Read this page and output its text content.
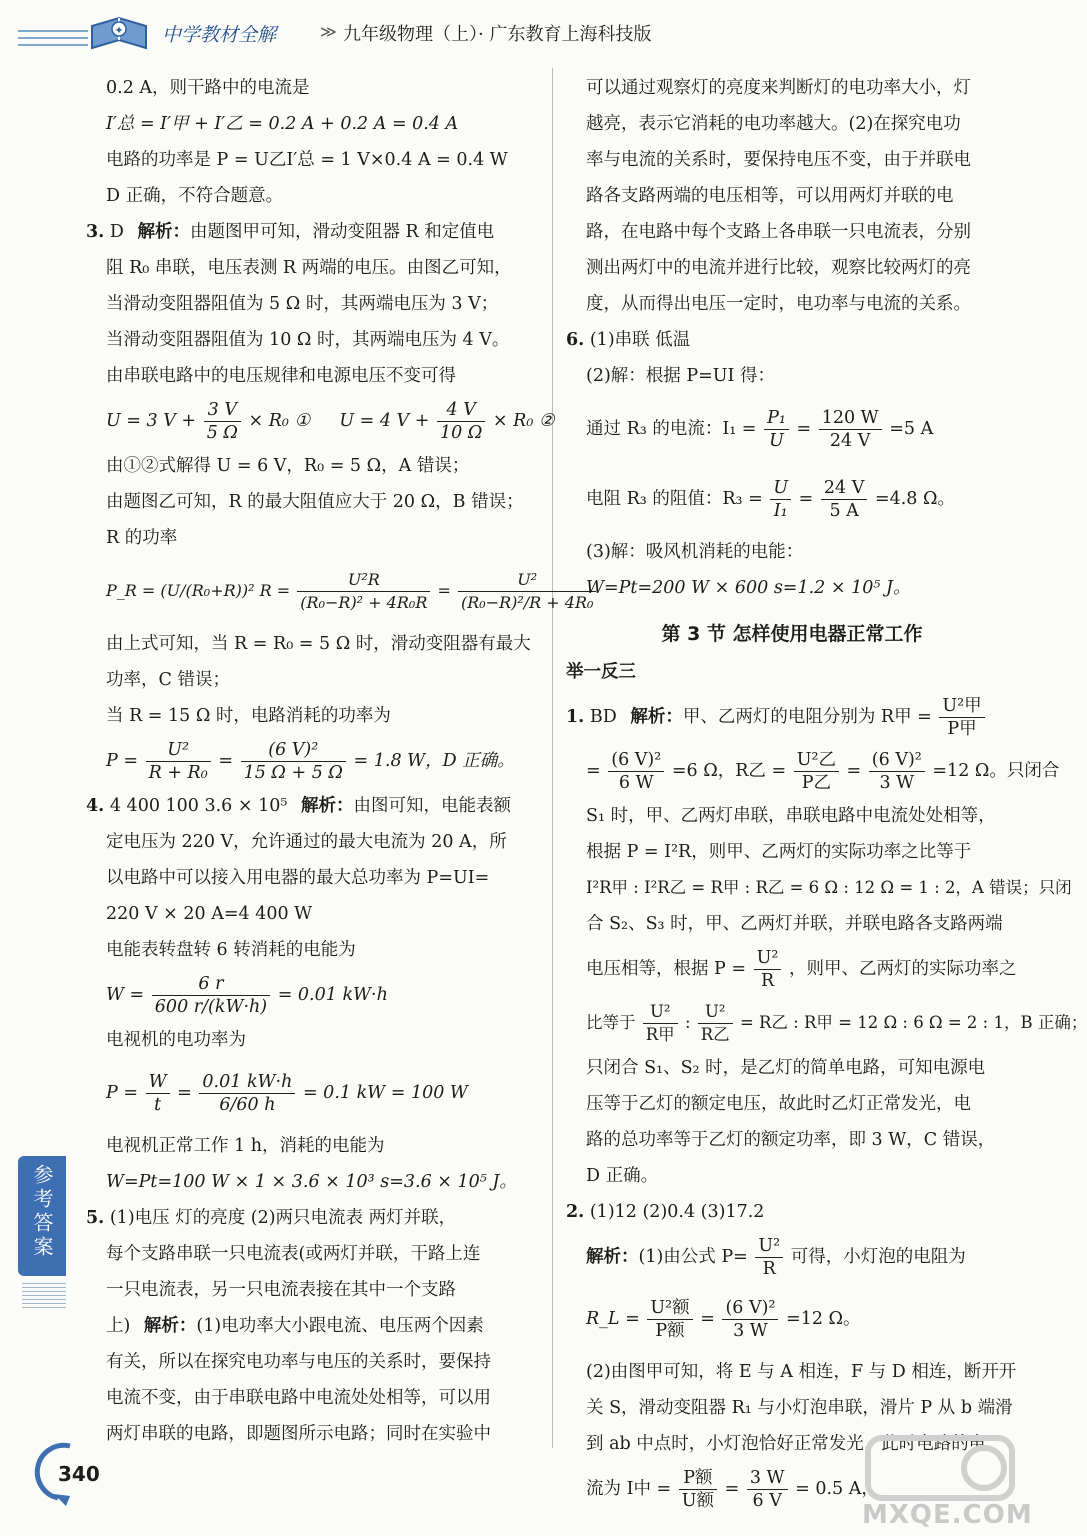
✦ 中学教材全解	≫ 九年级物理（上）· 广东教育上海科技版
0.2 A，则干路中的电流是
I′总 = I′甲 + I′乙 = 0.2 A + 0.2 A = 0.4 A
电路的功率是 P = U乙I′总 = 1 V×0.4 A = 0.4 W
D 正确，不符合题意。
3. D 解析：由题图甲可知，滑动变阻器 R 和定值电
阻 R₀ 串联，电压表测 R 两端的电压。由图乙可知，
当滑动变阻器阻值为 5 Ω 时，其两端电压为 3 V；
当滑动变阻器阻值为 10 Ω 时，其两端电压为 4 V。
由串联电路中的电压规律和电源电压不变可得
U = 3 $V + \frac{3 V}{5 \Omega} \times R_0$ ① U = 4 $V + \frac{4 V}{10 \Omega} \times R_0$ ②
由①②式解得 U = 6 V，R₀ = 5 Ω，A 错误；
由题图乙可知，R 的最大阻值应大于 20 Ω，B 错误；
R 的功率
P_R = (U/(R₀+R))² $R = \frac{\text{U²R}}{\text{(R₀−R)² + 4R₀R}} = \frac{\text{U²}}{\text{(R₀−R)²/R + 4R₀}}$
由上式可知，当 R = R₀ = 5 Ω 时，滑动变阻器有最大
功率，C 错误；
当 R = 15 Ω 时，电路消耗的功率为
$P = \frac{\text{U²}}{\text{R + R₀}} = \frac{\text{(6 V)²}}{15 \Omega + 5 \Omega} = 1.8$ W，D 正确。
4. 4 400 100 3.6 × 10⁵ 解析：由图可知，电能表额
定电压为 220 V，允许通过的最大电流为 20 A，所
以电路中可以接入用电器的最大总功率为 P=UI=
220 V × 20 A=4 400 W
电能表转盘转 6 转消耗的电能为
$W = \frac{6 r}{600 r/(kW\cdot h)} = 0.01$ kW·h
电视机的电功率为
$P = \frac{W}{t} = \frac{0.01 kW\cdot h}{6/60 h} = 0.1$ kW = 100 W
电视机正常工作 1 h，消耗的电能为
W=Pt=100 W × 1 × 3.6 × 10³ s=3.6 × 10⁵ J。
5. (1)电压 灯的亮度 (2)两只电流表 两灯并联，
每个支路串联一只电流表(或两灯并联，干路上连
一只电流表，另一只电流表接在其中一个支路
上) 解析：(1)电功率大小跟电流、电压两个因素
有关，所以在探究电功率与电压的关系时，要保持
电流不变，由于串联电路中电流处处相等，可以用
两灯串联的电路，即题图所示电路；同时在实验中
可以通过观察灯的亮度来判断灯的电功率大小，灯
越亮，表示它消耗的电功率越大。(2)在探究电功
率与电流的关系时，要保持电压不变，由于并联电
路各支路两端的电压相等，可以用两灯并联的电
路，在电路中每个支路上各串联一只电流表，分别
测出两灯中的电流并进行比较，观察比较两灯的亮
度，从而得出电压一定时，电功率与电流的关系。
6. (1)串联 低温
(2)解：根据 P=UI 得：
通过 R₃ 的电流：$I_1 = \frac{\text{P₁}}{U} = \frac{120 W}{24 V} =5$ A
电阻 R₃ 的阻值：$R_3 = \frac{U}{\text{I₁}} = \frac{24 V}{5 A} =4.8$ Ω。
(3)解：吸风机消耗的电能：
W=Pt=200 W × 600 s=1.2 × 10⁵ J。
第 3 节 怎样使用电器正常工作
举一反三
1. BD 解析：甲、乙两灯的电阻分别为 R甲 = $\frac{\text{U²甲}}{\text{P甲}}$
= $\frac{\text{(6 V)²}}{6 W} =6$ Ω，R乙 = $\frac{\text{U²乙}}{\text{P乙}} = \frac{\text{(6 V)²}}{3 W} =12$ Ω。只闭合
S₁ 时，甲、乙两灯串联，串联电路中电流处处相等，
根据 P = I²R，则甲、乙两灯的实际功率之比等于
I²R甲 : I²R乙 = R甲 : R乙 = 6 Ω : 12 Ω = 1 : 2，A 错误；只闭
合 S₂、S₃ 时，甲、乙两灯并联，并联电路各支路两端
电压相等，根据 $P = \frac{\text{U²}}{R}$ ，则甲、乙两灯的实际功率之
比等于 $\frac{\text{U²}}{\text{R甲}}$ : $\frac{\text{U²}}{\text{R乙}} = R$乙 : R甲 = 12 Ω : 6 Ω = 2 : 1，B 正确；
只闭合 S₁、S₂ 时，是乙灯的简单电路，可知电源电
压等于乙灯的额定电压，故此时乙灯正常发光，电
路的总功率等于乙灯的额定功率，即 3 W，C 错误，
D 正确。
2. (1)12 (2)0.4 (3)17.2
解析：(1)由公式 $P= \frac{\text{U²}}{R}$ 可得，小灯泡的电阻为
R_L = $\frac{\text{U²额}}{\text{P额}} = \frac{\text{(6 V)²}}{3 W} =12$ Ω。
(2)由图甲可知，将 E 与 A 相连，F 与 D 相连，断开开
关 S，滑动变阻器 R₁ 与小灯泡串联，滑片 P 从 b 端滑
到 ab 中点时，小灯泡恰好正常发光，此时电路的电
流为 I中 = $\frac{\text{P额}}{\text{U额}} = \frac{3 W}{6 V} = 0.5$ A，
参考答案
340
MXQE.COM
